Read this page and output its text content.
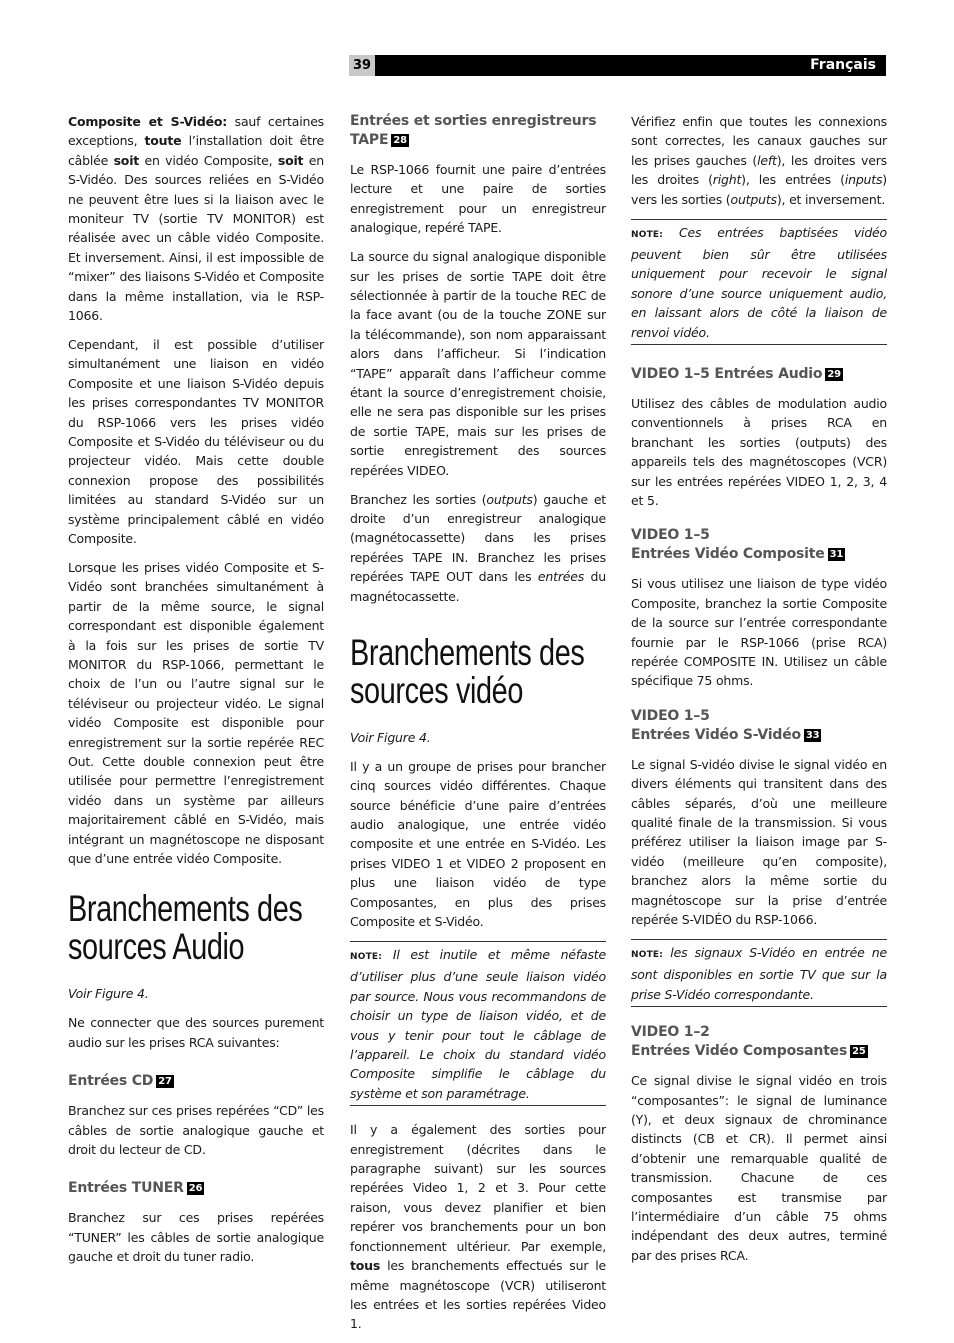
39	Français

Composite et S-Vidéo: sauf certaines exceptions, toute l’installation doit être câblée soit en vidéo Composite, soit en S-Vidéo. Des sources reliées en S-Vidéo ne peuvent être lues si la liaison avec le moniteur TV (sortie TV MONITOR) est réalisée avec un câble vidéo Composite. Et inversement. Ainsi, il est impossible de “mixer” des liaisons S-Vidéo et Composite dans la même installation, via le RSP-1066.

Cependant, il est possible d’utiliser simultanément une liaison en vidéo Composite et une liaison S-Vidéo depuis les prises correspondantes TV MONITOR du RSP-1066 vers les prises vidéo Composite et S-Vidéo du téléviseur ou du projecteur vidéo. Mais cette double connexion propose des possibilités limitées au standard S-Vidéo sur un système principalement câblé en vidéo Composite.

Lorsque les prises vidéo Composite et S-Vidéo sont branchées simultanément à partir de la même source, le signal correspondant est disponible également à la fois sur les prises de sortie TV MONITOR du RSP-1066, permettant le choix de l’un ou l’autre signal sur le téléviseur ou projecteur vidéo. Le signal vidéo Composite est disponible pour enregistrement sur la sortie repérée REC Out. Cette double connexion peut être utilisée pour permettre l’enregistrement vidéo dans un système par ailleurs majoritairement câblé en S-Vidéo, mais intégrant un magnétoscope ne disposant que d’une entrée vidéo Composite.

Branchements des sources Audio

Voir Figure 4.

Ne connecter que des sources purement audio sur les prises RCA suivantes:

Entrées CD 27

Branchez sur ces prises repérées “CD” les câbles de sortie analogique gauche et droit du lecteur de CD.

Entrées TUNER 26

Branchez sur ces prises repérées “TUNER” les câbles de sortie analogique gauche et droit du tuner radio.

Entrées et sorties enregistreurs TAPE 28

Le RSP-1066 fournit une paire d’entrées lecture et une paire de sorties enregistrement pour un enregistreur analogique, repéré TAPE.

La source du signal analogique disponible sur les prises de sortie TAPE doit être sélectionnée à partir de la touche REC de la face avant (ou de la touche ZONE sur la télécommande), son nom apparaissant alors dans l’afficheur. Si l’indication “TAPE” apparaît dans l’afficheur comme étant la source d’enregistrement choisie, elle ne sera pas disponible sur les prises de sortie TAPE, mais sur les prises de sortie enregistrement des sources repérées VIDEO.

Branchez les sorties (outputs) gauche et droite d’un enregistreur analogique (magnétocassette) dans les prises repérées TAPE IN. Branchez les prises repérées TAPE OUT dans les entrées du magnétocassette.

Branchements des sources vidéo

Voir Figure 4.

Il y a un groupe de prises pour brancher cinq sources vidéo différentes. Chaque source bénéficie d’une paire d’entrées audio analogique, une entrée vidéo composite et une entrée en S-Vidéo. Les prises VIDEO 1 et VIDEO 2 proposent en plus une liaison vidéo de type Composantes, en plus des prises Composite et S-Vidéo.

NOTE: Il est inutile et même néfaste d’utiliser plus d’une seule liaison vidéo par source. Nous vous recommandons de choisir un type de liaison vidéo, et de vous y tenir pour tout le câblage de l’appareil. Le choix du standard vidéo Composite simplifie le câblage du système et son paramétrage.

Il y a également des sorties pour enregistrement (décrites dans le paragraphe suivant) sur les sources repérées Video 1, 2 et 3. Pour cette raison, vous devez planifier et bien repérer vos branchements pour un bon fonctionnement ultérieur. Par exemple, tous les branchements effectués sur le même magnétoscope (VCR) utiliseront les entrées et les sorties repérées Video 1.

Vérifiez enfin que toutes les connexions sont correctes, les canaux gauches sur les prises gauches (left), les droites vers les droites (right), les entrées (inputs) vers les sorties (outputs), et inversement.

NOTE: Ces entrées baptisées vidéo peuvent bien sûr être utilisées uniquement pour recevoir le signal sonore d’une source uniquement audio, en laissant alors de côté la liaison de renvoi vidéo.
VIDEO 1–5 Entrées Audio 29

Utilisez des câbles de modulation audio conventionnels à prises RCA en branchant les sorties (outputs) des appareils tels des magnétoscopes (VCR) sur les entrées repérées VIDEO 1, 2, 3, 4 et 5.

VIDEO 1–5
Entrées Vidéo Composite 31

Si vous utilisez une liaison de type vidéo Composite, branchez la sortie Composite de la source sur l’entrée correspondante fournie par le RSP-1066 (prise RCA) repérée COMPOSITE IN. Utilisez un câble spécifique 75 ohms.

VIDEO 1–5
Entrées Vidéo S-Vidéo 33

Le signal S-vidéo divise le signal vidéo en divers éléments qui transitent dans des câbles séparés, d’où une meilleure qualité finale de la transmission. Si vous préférez utiliser la liaison image par S-vidéo (meilleure qu’en composite), branchez alors la même sortie du magnétoscope sur la prise d’entrée repérée S-VIDÉO du RSP-1066.

NOTE: les signaux S-Vidéo en entrée ne sont disponibles en sortie TV que sur la prise S-Vidéo correspondante.
VIDEO 1–2
Entrées Vidéo Composantes 25

Ce signal divise le signal vidéo en trois “composantes”: le signal de luminance (Y), et deux signaux de chrominance distincts (CB et CR). Il permet ainsi d’obtenir une remarquable qualité de transmission. Chacune de ces composantes est transmise par l’intermédiaire d’un câble 75 ohms indépendant des deux autres, terminé par des prises RCA.
